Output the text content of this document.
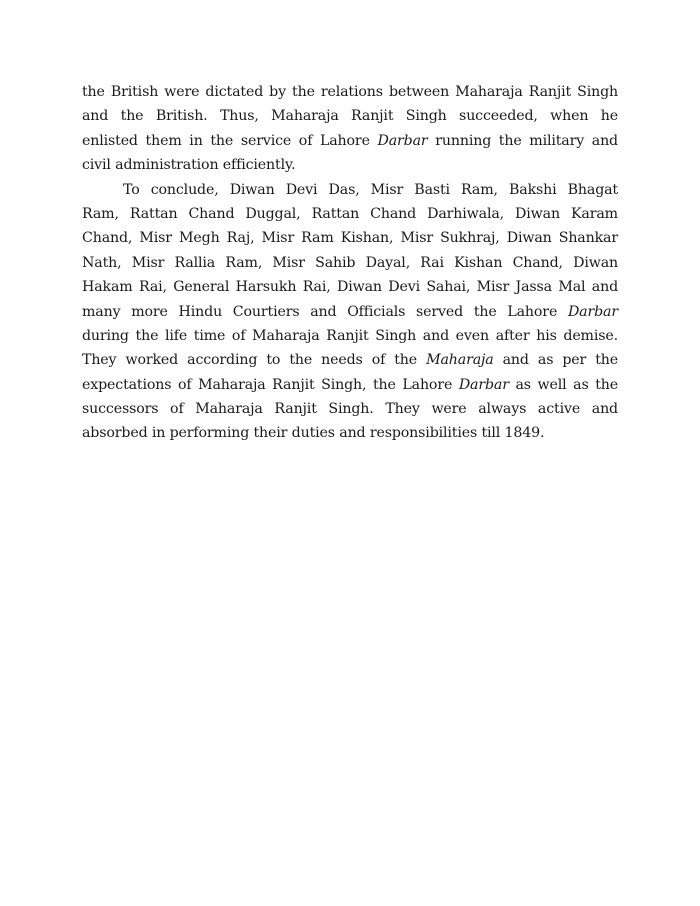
the British were dictated by the relations between Maharaja Ranjit Singh
and the British. Thus, Maharaja Ranjit Singh succeeded, when he
enlisted them in the service of Lahore Darbar running the military and
civil administration efficiently.
To conclude, Diwan Devi Das, Misr Basti Ram, Bakshi Bhagat
Ram, Rattan Chand Duggal, Rattan Chand Darhiwala, Diwan Karam
Chand, Misr Megh Raj, Misr Ram Kishan, Misr Sukhraj, Diwan Shankar
Nath, Misr Rallia Ram, Misr Sahib Dayal, Rai Kishan Chand, Diwan
Hakam Rai, General Harsukh Rai, Diwan Devi Sahai, Misr Jassa Mal and
many more Hindu Courtiers and Officials served the Lahore Darbar
during the life time of Maharaja Ranjit Singh and even after his demise.
They worked according to the needs of the Maharaja and as per the
expectations of Maharaja Ranjit Singh, the Lahore Darbar as well as the
successors of Maharaja Ranjit Singh. They were always active and
absorbed in performing their duties and responsibilities till 1849.
